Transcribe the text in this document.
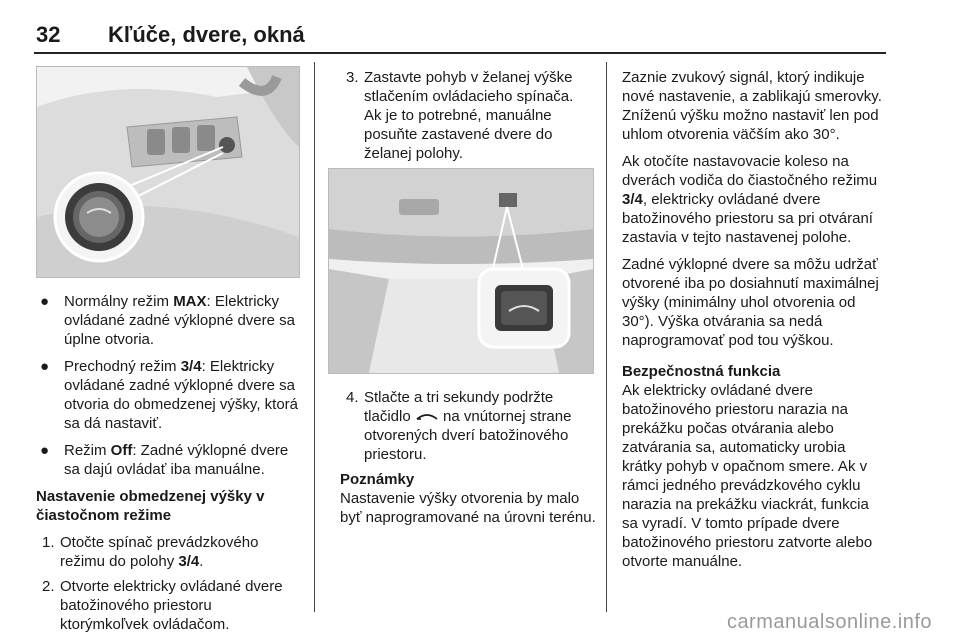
32 Kľúče, dvere, okná
● Normálny režim MAX: Elektricky ovládané zadné výklopné dvere sa úplne otvoria.
● Prechodný režim 3/4: Elektricky ovládané zadné výklopné dvere sa otvoria do obmedzenej výšky, ktorá sa dá nastaviť.
● Režim Off: Zadné výklopné dvere sa dajú ovládať iba manuálne.

Nastavenie obmedzenej výšky v čiastočnom režime

1. Otočte spínač prevádzkového režimu do polohy 3/4.
2. Otvorte elektricky ovládané dvere batožinového priestoru ktorýmkoľvek ovládačom.
3. Zastavte pohyb v želanej výške stlačením ovládacieho spínača. Ak je to potrebné, manuálne posuňte zastavené dvere do želanej polohy.
4. Stlačte a tri sekundy podržte tlačidlo na vnútornej strane otvorených dverí batožinového priestoru.

Poznámky

Nastavenie výšky otvorenia by malo byť naprogramované na úrovni terénu.

Zaznie zvukový signál, ktorý indikuje nové nastavenie, a zablikajú smerovky. Zníženú výšku možno nastaviť len pod uhlom otvorenia väčším ako 30°.

Ak otočíte nastavovacie koleso na dverách vodiča do čiastočného režimu 3/4, elektricky ovládané dvere batožinového priestoru sa pri otváraní zastavia v tejto nastavenej polohe.

Zadné výklopné dvere sa môžu udržať otvorené iba po dosiahnutí maximálnej výšky (minimálny uhol otvorenia od 30°). Výška otvárania sa nedá naprogramovať pod tou výškou.

Bezpečnostná funkcia

Ak elektricky ovládané dvere batožinového priestoru narazia na prekážku počas otvárania alebo zatvárania sa, automaticky urobia krátky pohyb v opačnom smere. Ak v rámci jedného prevádzkového cyklu narazia na prekážku viackrát, funkcia sa vyradí. V tomto prípade dvere batožinového priestoru zatvorte alebo otvorte manuálne.

carmanualsonline.info
